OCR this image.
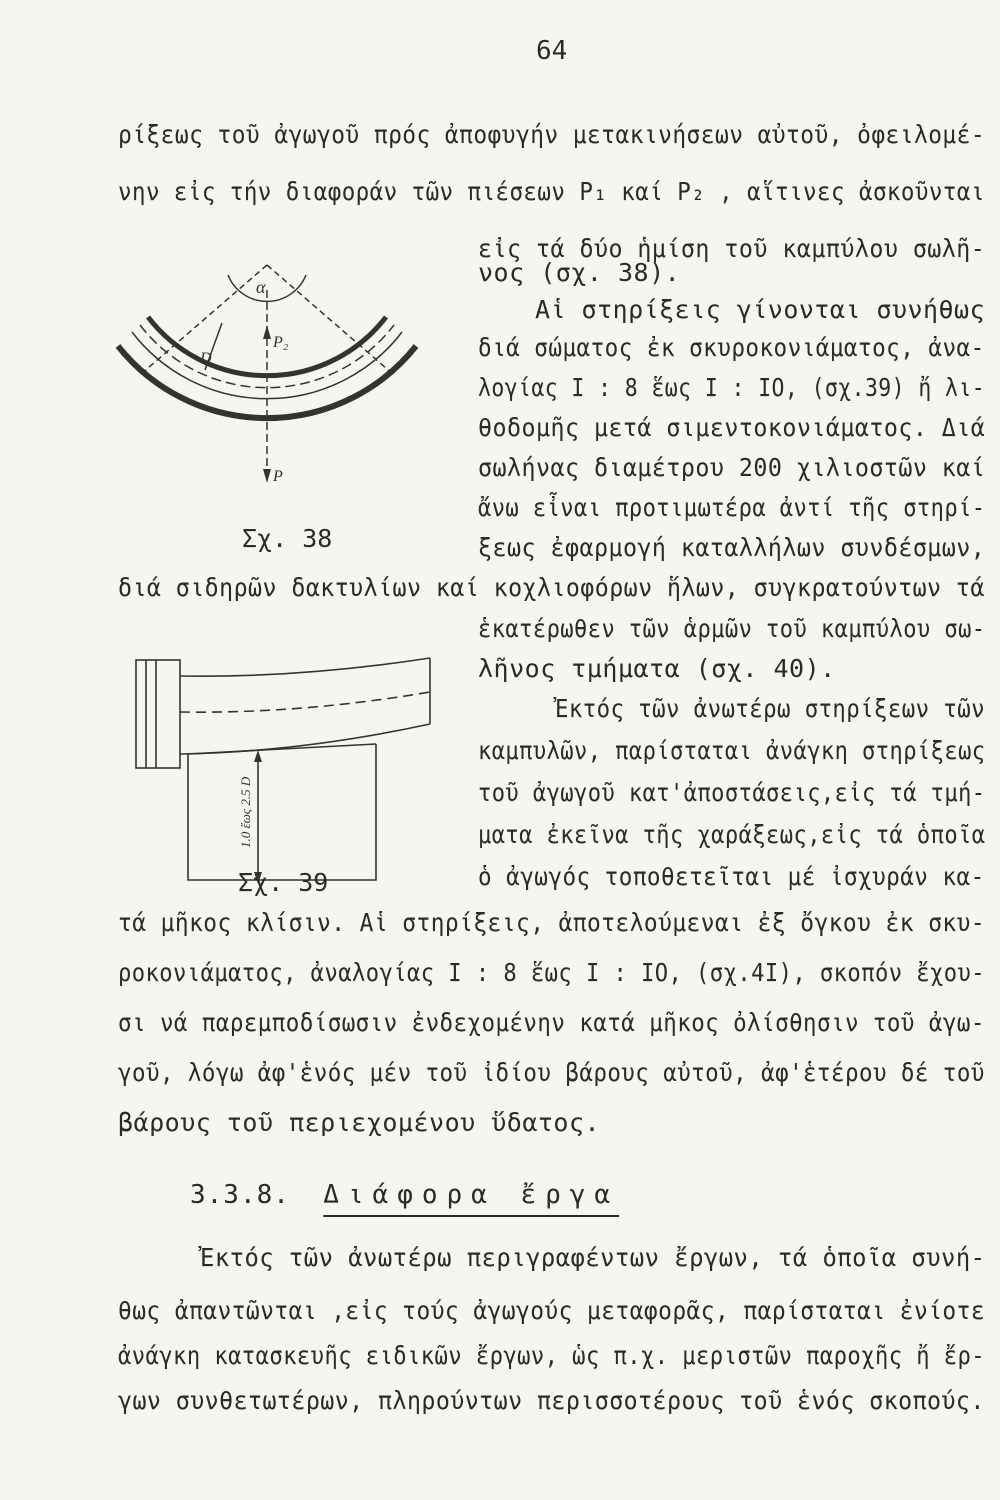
64
ρίξεως τοῦ ἀγωγοῦ πρός ἀποφυγήν μετακινήσεων αὐτοῦ, ὀφειλομέ-
νην εἰς τήν διαφοράν τῶν πιέσεων P₁ καί P₂ , αἵτινες ἀσκοῦνται
εἰς τά δύο ἡμίση τοῦ καμπύλου σωλῆ-
νος (σχ. 38).
Αἱ στηρίξεις γίνονται συνήθως
διά σώματος ἐκ σκυροκονιάματος, ἀνα-
λογίας Ι : 8 ἕως Ι : ΙΟ, (σχ.39) ἤ λι-
θοδομῆς μετά σιμεντοκονιάματος. Διά
σωλήνας διαμέτρου 200 χιλιοστῶν καί
ἄνω εἶναι προτιμωτέρα ἀντί τῆς στηρί-
ξεως ἐφαρμογή καταλλήλων συνδέσμων,
διά σιδηρῶν δακτυλίων καί κοχλιοφόρων ἥλων, συγκρατούντων τά
ἑκατέρωθεν τῶν ἁρμῶν τοῦ καμπύλου σω-
λῆνος τμήματα (σχ. 40).
Ἐκτός τῶν ἀνωτέρω στηρίξεων τῶν
καμπυλῶν, παρίσταται ἀνάγκη στηρίξεως
τοῦ ἀγωγοῦ κατ'ἀποστάσεις,εἰς τά τμή-
ματα ἐκεῖνα τῆς χαράξεως,εἰς τά ὁποῖα
ὁ ἀγωγός τοποθετεῖται μέ ἰσχυράν κα-
τά μῆκος κλίσιν. Αἱ στηρίξεις, ἀποτελούμεναι ἐξ ὄγκου ἐκ σκυ-
ροκονιάματος, ἀναλογίας Ι : 8 ἕως Ι : ΙΟ, (σχ.4Ι), σκοπόν ἔχου-
σι νά παρεμποδίσωσιν ἐνδεχομένην κατά μῆκος ὀλίσθησιν τοῦ ἀγω-
γοῦ, λόγω ἀφ'ἑνός μέν τοῦ ἰδίου βάρους αὐτοῦ, ἀφ'ἑτέρου δέ τοῦ
βάρους τοῦ περιεχομένου ὕδατος.
3.3.8. Διάφορα ἔργα
Ἐκτός τῶν ἀνωτέρω περιγραφέντων ἔργων, τά ὁποῖα συνή-
θως ἀπαντῶνται ,εἰς τούς ἀγωγούς μεταφορᾶς, παρίσταται ἐνίοτε
ἀνάγκη κατασκευῆς ειδικῶν ἔργων, ὡς π.χ. μεριστῶν παροχῆς ἤ ἔρ-
γων συνθετωτέρων, πληρούντων περισσοτέρους τοῦ ἑνός σκοπούς.
α
P₂
D
P
Σχ. 38
1.0 ἕως 2.5 D
Σχ. 39
